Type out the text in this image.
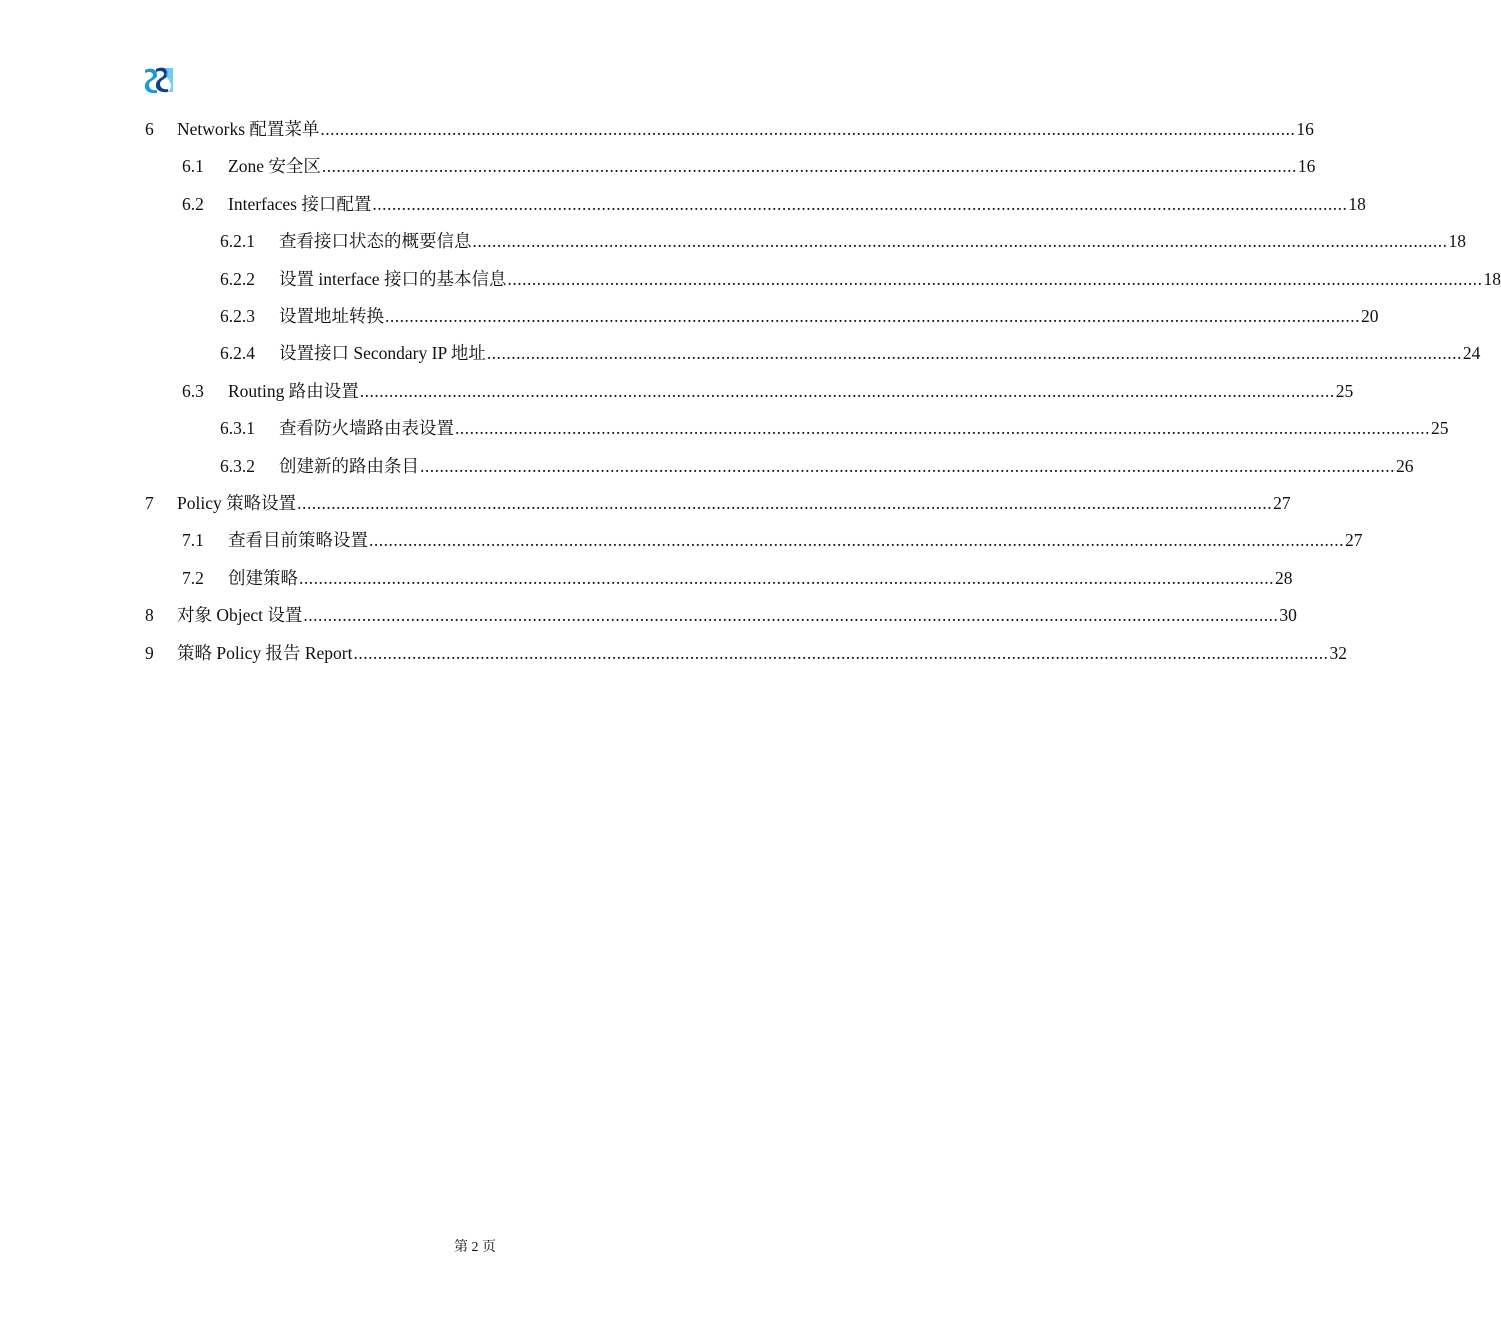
6 Networks 配置菜单 ........................................................................................................................................................................................................ 16
6.1 Zone 安全区 ........................................................................................................................................................................................................ 16
6.2 Interfaces 接口配置 ........................................................................................................................................................................................................ 18
6.2.1 查看接口状态的概要信息 ........................................................................................................................................................................................................ 18
6.2.2 设置 interface 接口的基本信息 ........................................................................................................................................................................................................ 18
6.2.3 设置地址转换 ........................................................................................................................................................................................................ 20
6.2.4 设置接口 Secondary IP 地址 ........................................................................................................................................................................................................ 24
6.3 Routing 路由设置 ........................................................................................................................................................................................................ 25
6.3.1 查看防火墙路由表设置 ........................................................................................................................................................................................................ 25
6.3.2 创建新的路由条目 ........................................................................................................................................................................................................ 26
7 Policy 策略设置 ........................................................................................................................................................................................................ 27
7.1 查看目前策略设置 ........................................................................................................................................................................................................ 27
7.2 创建策略 ........................................................................................................................................................................................................ 28
8 对象 Object 设置 ........................................................................................................................................................................................................ 30
9 策略 Policy 报告 Report ........................................................................................................................................................................................................ 32
第 2 页
